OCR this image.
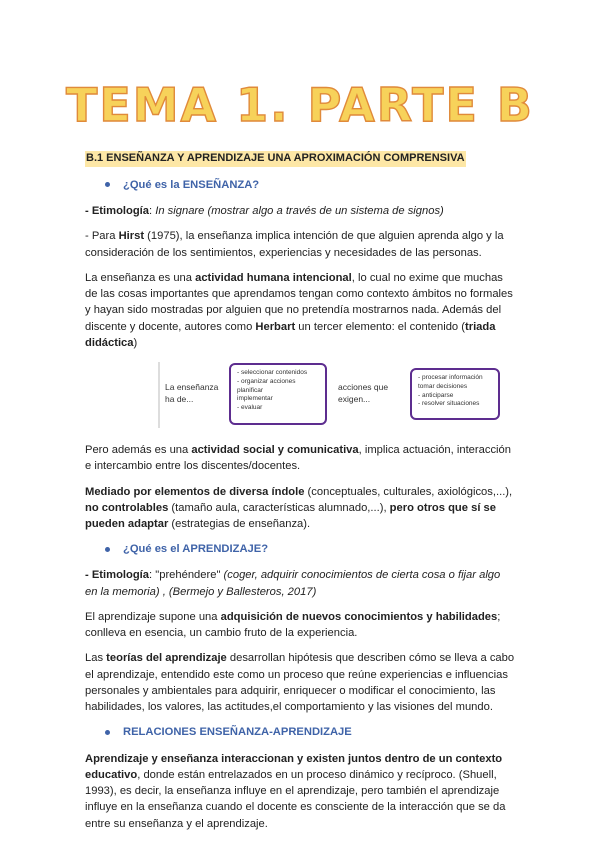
TEMA 1. PARTE B
B.1 ENSEÑANZA Y APRENDIZAJE UNA APROXIMACIÓN COMPRENSIVA
¿Qué es la ENSEÑANZA?

- Etimología: In signare (mostrar algo a través de un sistema de signos)

- Para Hirst (1975), la enseñanza implica intención de que alguien aprenda algo y la consideración de los sentimientos, experiencias y necesidades de las personas.

La enseñanza es una actividad humana intencional, lo cual no exime que muchas de las cosas importantes que aprendamos tengan como contexto ámbitos no formales y hayan sido mostradas por alguien que no pretendía mostrarnos nada. Además del discente y docente, autores como Herbart un tercer elemento: el contenido (triada didáctica)

La enseñanza
ha de...
- seleccionar contenidos
- organizar acciones
planificar
implementar
- evaluar
acciones que
exigen...
- procesar información
tomar decisiones
- anticiparse
- resolver situaciones

Pero además es una actividad social y comunicativa, implica actuación, interacción e intercambio entre los discentes/docentes.

Mediado por elementos de diversa índole (conceptuales, culturales, axiológicos,...), no controlables (tamaño aula, características alumnado,...), pero otros que sí se pueden adaptar (estrategias de enseñanza).

¿Qué es el APRENDIZAJE?

- Etimología: "prehéndere" (coger, adquirir conocimientos de cierta cosa o fijar algo en la memoria) , (Bermejo y Ballesteros, 2017)

El aprendizaje supone una adquisición de nuevos conocimientos y habilidades; conlleva en esencia, un cambio fruto de la experiencia.

Las teorías del aprendizaje desarrollan hipótesis que describen cómo se lleva a cabo el aprendizaje, entendido este como un proceso que reúne experiencias e influencias personales y ambientales para adquirir, enriquecer o modificar el conocimiento, las habilidades, los valores, las actitudes,el comportamiento y las visiones del mundo.

RELACIONES ENSEÑANZA-APRENDIZAJE

Aprendizaje y enseñanza interaccionan y existen juntos dentro de un contexto educativo, donde están entrelazados en un proceso dinámico y recíproco. (Shuell, 1993), es decir, la enseñanza influye en el aprendizaje, pero también el aprendizaje influye en la enseñanza cuando el docente es consciente de la interacción que se da entre su enseñanza y el aprendizaje.
